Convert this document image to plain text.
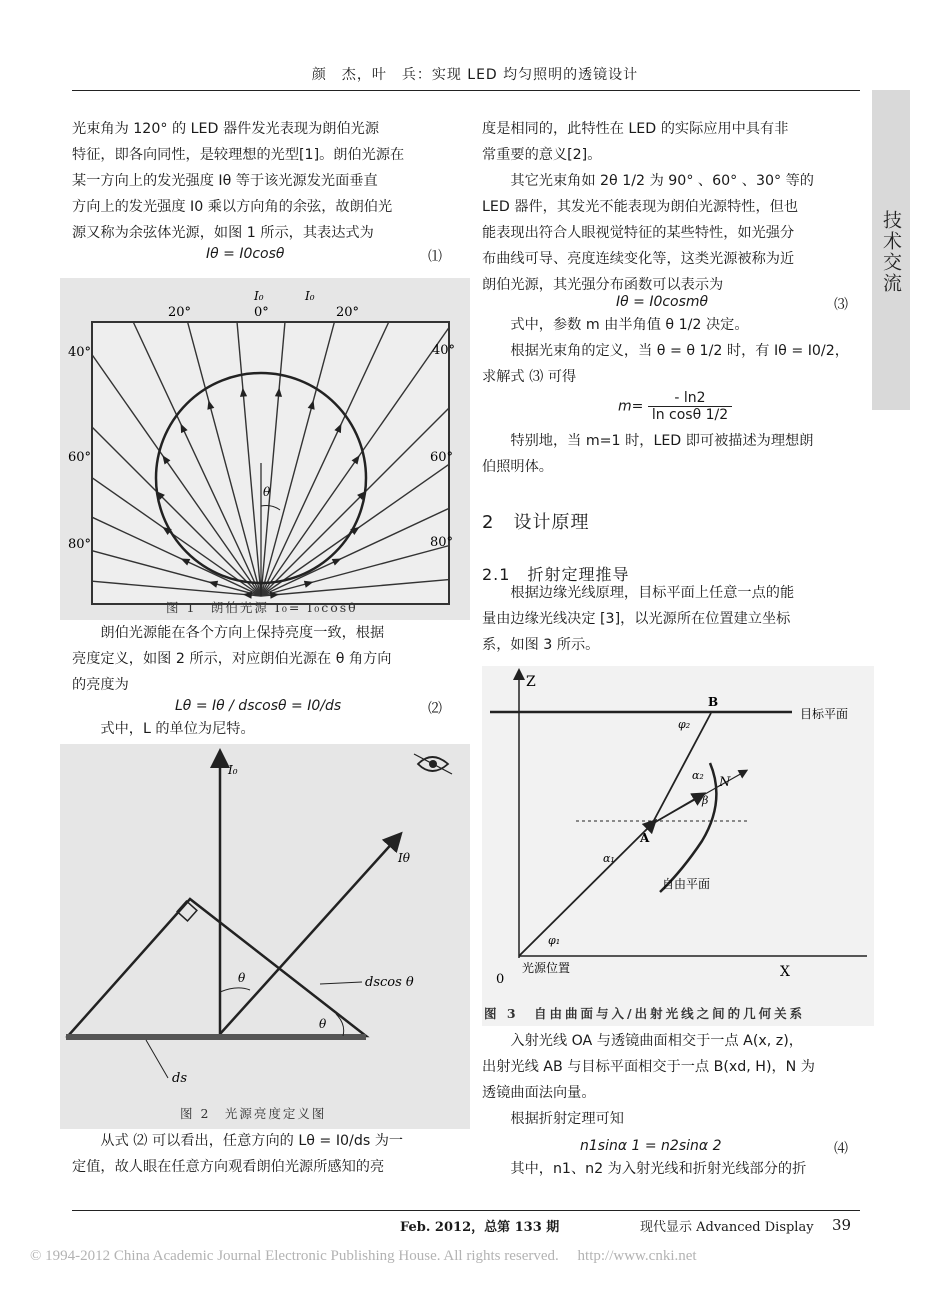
颜　杰，叶　兵：实现 LED 均匀照明的透镜设计
技术交流
光束角为 120° 的 LED 器件发光表现为朗伯光源
特征，即各向同性，是较理想的光型[1]。朗伯光源在
某一方向上的发光强度 Iθ 等于该光源发光面垂直
方向上的发光强度 I0 乘以方向角的余弦，故朗伯光
源又称为余弦体光源，如图 1 所示，其表达式为
Iθ = I0cosθ	⑴
I₀	I₀
20°	0°	20°
40°	40°
60°	60°
80°	80°
θ
图 1　朗伯光源 I₀= I₀cosθ
　　朗伯光源能在各个方向上保持亮度一致，根据
亮度定义，如图 2 所示，对应朗伯光源在 θ 角方向
的亮度为
Lθ = Iθ / dscosθ = I0/ds	⑵
　　式中，L 的单位为尼特。
I₀
Iθ
θ
θ
dscos θ
ds
图 2　光源亮度定义图
　　从式 ⑵ 可以看出，任意方向的 Lθ = I0/ds 为一
定值，故人眼在任意方向观看朗伯光源所感知的亮
度是相同的，此特性在 LED 的实际应用中具有非
常重要的意义[2]。
　　其它光束角如 2θ 1/2 为 90° 、60° 、30° 等的
LED 器件，其发光不能表现为朗伯光源特性，但也
能表现出符合人眼视觉特征的某些特性，如光强分
布曲线可导、亮度连续变化等，这类光源被称为近
朗伯光源，其光强分布函数可以表示为
Iθ = I0cosmθ	⑶
　　式中，参数 m 由半角值 θ 1/2 决定。
　　根据光束角的定义，当 θ = θ 1/2 时，有 Iθ = I0/2，
求解式 ⑶ 可得
$m= \frac{- \ln 2}{\text{ln cosθ 1/2}}$
　　特别地，当 m=1 时，LED 即可被描述为理想朗
伯照明体。
2　设计原理
2.1　折射定理推导
　　根据边缘光线原理，目标平面上任意一点的能
量由边缘光线决定 [3]，以光源所在位置建立坐标
系，如图 3 所示。
Z
X
0
目标平面
B
自由平面
N
A
φ₂
φ₁
α₁
α₂
β
光源位置
图 3　自由曲面与入/出射光线之间的几何关系
　　入射光线 OA 与透镜曲面相交于一点 A(x, z)，
出射光线 AB 与目标平面相交于一点 B(xd, H)，N 为
透镜曲面法向量。
　　根据折射定理可知
n1sinα 1 = n2sinα 2	⑷
　　其中，n1、n2 为入射光线和折射光线部分的折
Feb. 2012，总第 133 期	现代显示 Advanced Display 39
© 1994-2012 China Academic Journal Electronic Publishing House. All rights reserved.　 http://www.cnki.net
